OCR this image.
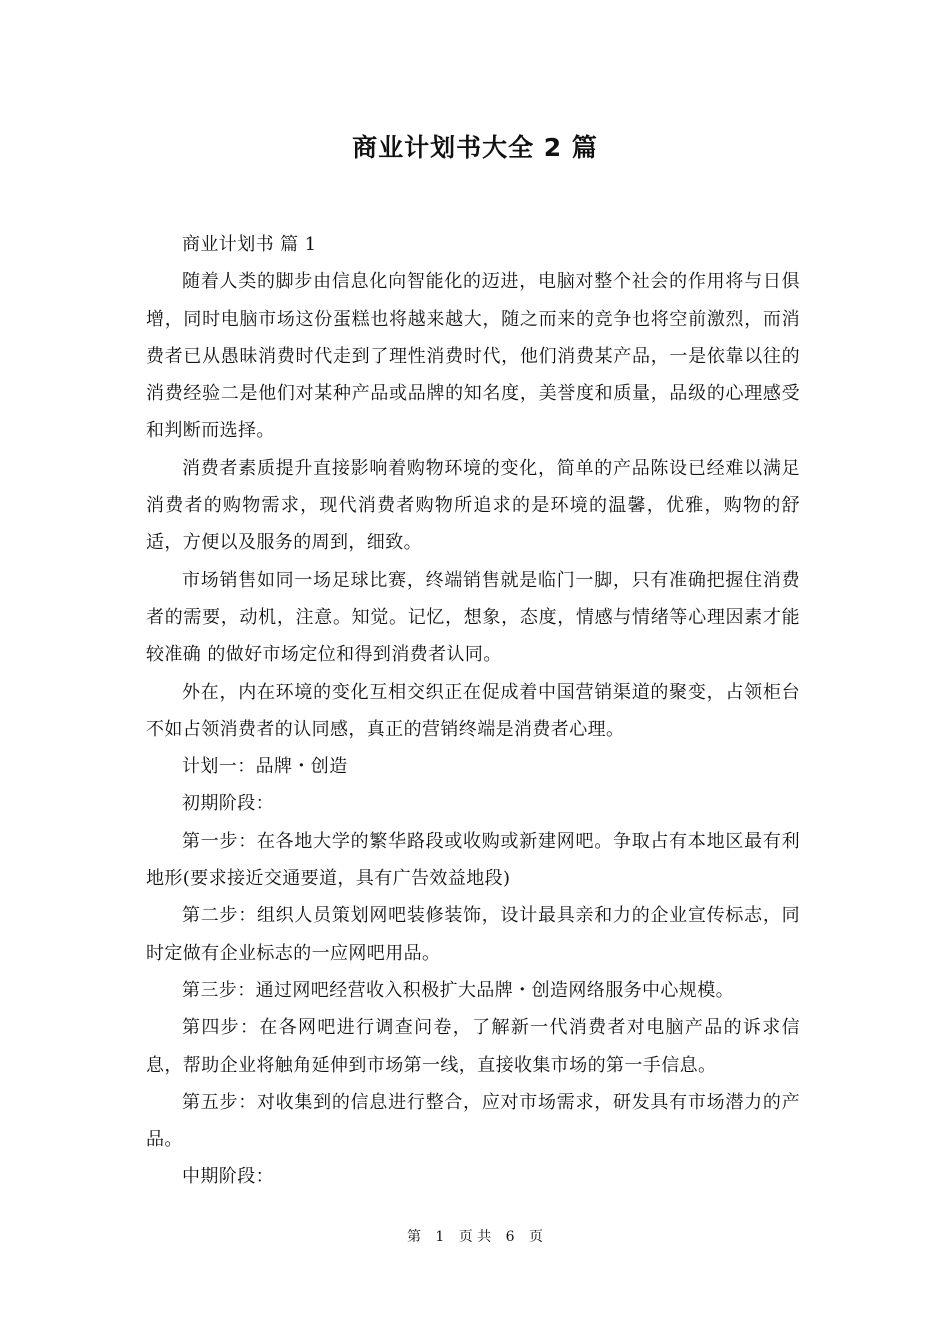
商业计划书大全 2 篇

商业计划书 篇 1

随着人类的脚步由信息化向智能化的迈进，电脑对整个社会的作用将与日俱增，同时电脑市场这份蛋糕也将越来越大，随之而来的竞争也将空前激烈，而消费者已从愚昧消费时代走到了理性消费时代，他们消费某产品，一是依靠以往的消费经验二是他们对某种产品或品牌的知名度，美誉度和质量，品级的心理感受和判断而选择。

消费者素质提升直接影响着购物环境的变化，简单的产品陈设已经难以满足消费者的购物需求，现代消费者购物所追求的是环境的温馨，优雅，购物的舒适，方便以及服务的周到，细致。

市场销售如同一场足球比赛，终端销售就是临门一脚，只有准确把握住消费者的需要，动机，注意。知觉。记忆，想象，态度，情感与情绪等心理因素才能较准确 的做好市场定位和得到消费者认同。

外在，内在环境的变化互相交织正在促成着中国营销渠道的聚变，占领柜台不如占领消费者的认同感，真正的营销终端是消费者心理。

计划一：品牌・创造

初期阶段：

第一步：在各地大学的繁华路段或收购或新建网吧。争取占有本地区最有利地形(要求接近交通要道，具有广告效益地段)

第二步：组织人员策划网吧装修装饰，设计最具亲和力的企业宣传标志，同时定做有企业标志的一应网吧用品。

第三步：通过网吧经营收入积极扩大品牌・创造网络服务中心规模。

第四步：在各网吧进行调查问卷，了解新一代消费者对电脑产品的诉求信息，帮助企业将触角延伸到市场第一线，直接收集市场的第一手信息。

第五步：对收集到的信息进行整合，应对市场需求，研发具有市场潜力的产品。

中期阶段：

第 1 页 共 6 页
